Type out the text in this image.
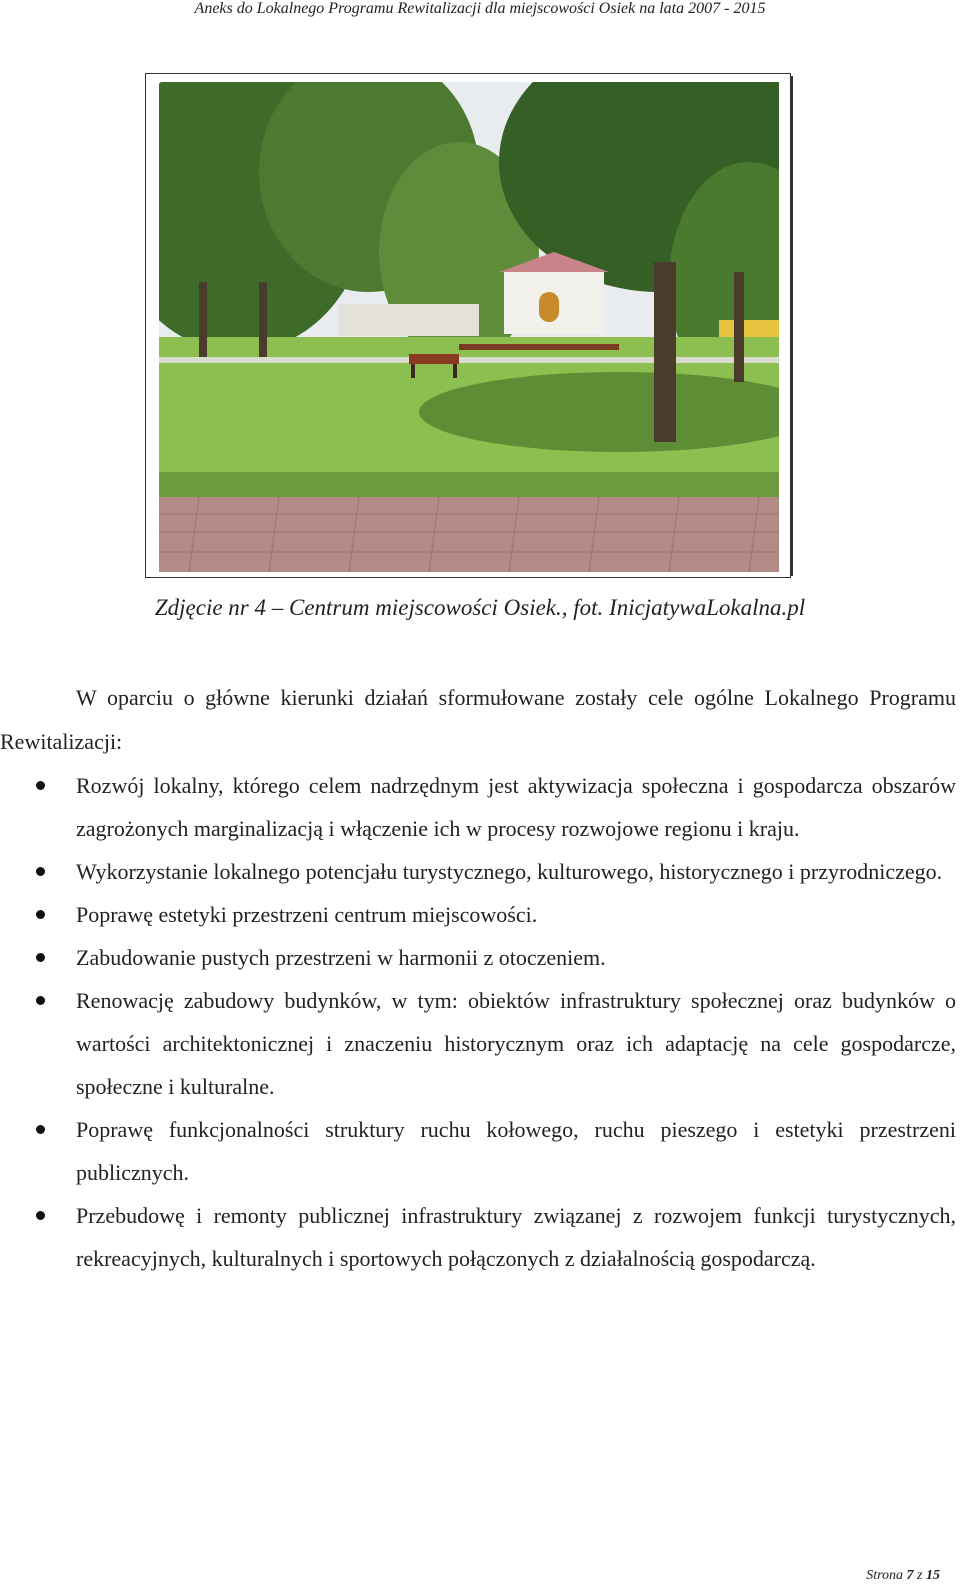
Aneks do Lokalnego Programu Rewitalizacji dla miejscowości Osiek na lata 2007 - 2015
Zdjęcie nr 4 – Centrum miejscowości Osiek., fot. InicjatywaLokalna.pl

W oparciu o główne kierunki działań sformułowane zostały cele ogólne Lokalnego Programu Rewitalizacji:

Rozwój lokalny, którego celem nadrzędnym jest aktywizacja społeczna i gospodarcza obszarów zagrożonych marginalizacją i włączenie ich w procesy rozwojowe regionu i kraju.
Wykorzystanie lokalnego potencjału turystycznego, kulturowego, historycznego i przyrodniczego.
Poprawę estetyki przestrzeni centrum miejscowości.
Zabudowanie pustych przestrzeni w harmonii z otoczeniem.
Renowację zabudowy budynków, w tym: obiektów infrastruktury społecznej oraz budynków o wartości architektonicznej i znaczeniu historycznym oraz ich adaptację na cele gospodarcze, społeczne i kulturalne.
Poprawę funkcjonalności struktury ruchu kołowego, ruchu pieszego i estetyki przestrzeni publicznych.
Przebudowę i remonty publicznej infrastruktury związanej z rozwojem funkcji turystycznych, rekreacyjnych, kulturalnych i sportowych połączonych z działalnością gospodarczą.
Strona 7 z 15
